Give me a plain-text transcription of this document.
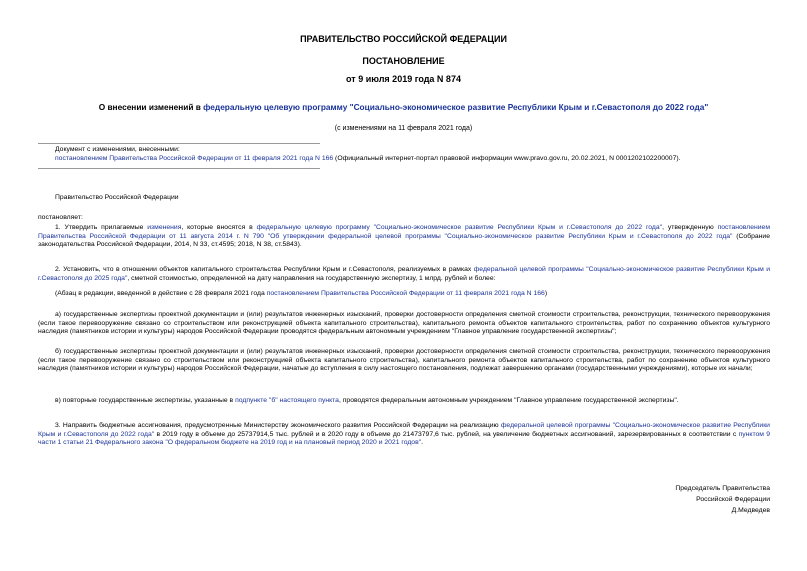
ПРАВИТЕЛЬСТВО РОССИЙСКОЙ ФЕДЕРАЦИИ
ПОСТАНОВЛЕНИЕ
от 9 июля 2019 года N 874
О внесении изменений в федеральную целевую программу "Социально-экономическое развитие Республики Крым и г.Севастополя до 2022 года"
(с изменениями на 11 февраля 2021 года)
Документ с изменениями, внесенными:
постановлением Правительства Российской Федерации от 11 февраля 2021 года N 166 (Официальный интернет-портал правовой информации www.pravo.gov.ru, 20.02.2021, N 0001202102200007).
Правительство Российской Федерации
постановляет:
1. Утвердить прилагаемые изменения, которые вносятся в федеральную целевую программу "Социально-экономическое развитие Республики Крым и г.Севастополя до 2022 года", утвержденную постановлением Правительства Российской Федерации от 11 августа 2014 г. N 790 "Об утверждении федеральной целевой программы "Социально-экономическое развитие Республики Крым и г.Севастополя до 2022 года" (Собрание законодательства Российской Федерации, 2014, N 33, ст.4595; 2018, N 38, ст.5843).
2. Установить, что в отношении объектов капитального строительства Республики Крым и г.Севастополя, реализуемых в рамках федеральной целевой программы "Социально-экономическое развитие Республики Крым и г.Севастополя до 2025 года", сметной стоимостью, определенной на дату направления на государственную экспертизу, 1 млрд. рублей и более:
(Абзац в редакции, введенной в действие с 28 февраля 2021 года постановлением Правительства Российской Федерации от 11 февраля 2021 года N 166)
а) государственные экспертизы проектной документации и (или) результатов инженерных изысканий, проверки достоверности определения сметной стоимости строительства, реконструкции, технического перевооружения (если такое перевооружение связано со строительством или реконструкцией объекта капитального строительства), капитального ремонта объектов капитального строительства, работ по сохранению объектов культурного наследия (памятников истории и культуры) народов Российской Федерации проводятся федеральным автономным учреждением "Главное управление государственной экспертизы";
б) государственные экспертизы проектной документации и (или) результатов инженерных изысканий, проверки достоверности определения сметной стоимости строительства, реконструкции, технического перевооружения (если такое перевооружение связано со строительством или реконструкцией объекта капитального строительства), капитального ремонта объектов капитального строительства, работ по сохранению объектов культурного наследия (памятников истории и культуры) народов Российской Федерации, начатые до вступления в силу настоящего постановления, подлежат завершению органами (государственными учреждениями), которые их начали;
в) повторные государственные экспертизы, указанные в подпункте "б" настоящего пункта, проводятся федеральным автономным учреждением "Главное управление государственной экспертизы".
3. Направить бюджетные ассигнования, предусмотренные Министерству экономического развития Российской Федерации на реализацию федеральной целевой программы "Социально-экономическое развитие Республики Крым и г.Севастополя до 2022 года" в 2019 году в объеме до 25737914,5 тыс. рублей и в 2020 году в объеме до 21473797,6 тыс. рублей, на увеличение бюджетных ассигнований, зарезервированных в соответствии с пунктом 9 части 1 статьи 21 Федерального закона "О федеральном бюджете на 2019 год и на плановый период 2020 и 2021 годов".
Председатель Правительства
Российской Федерации
Д.Медведев
